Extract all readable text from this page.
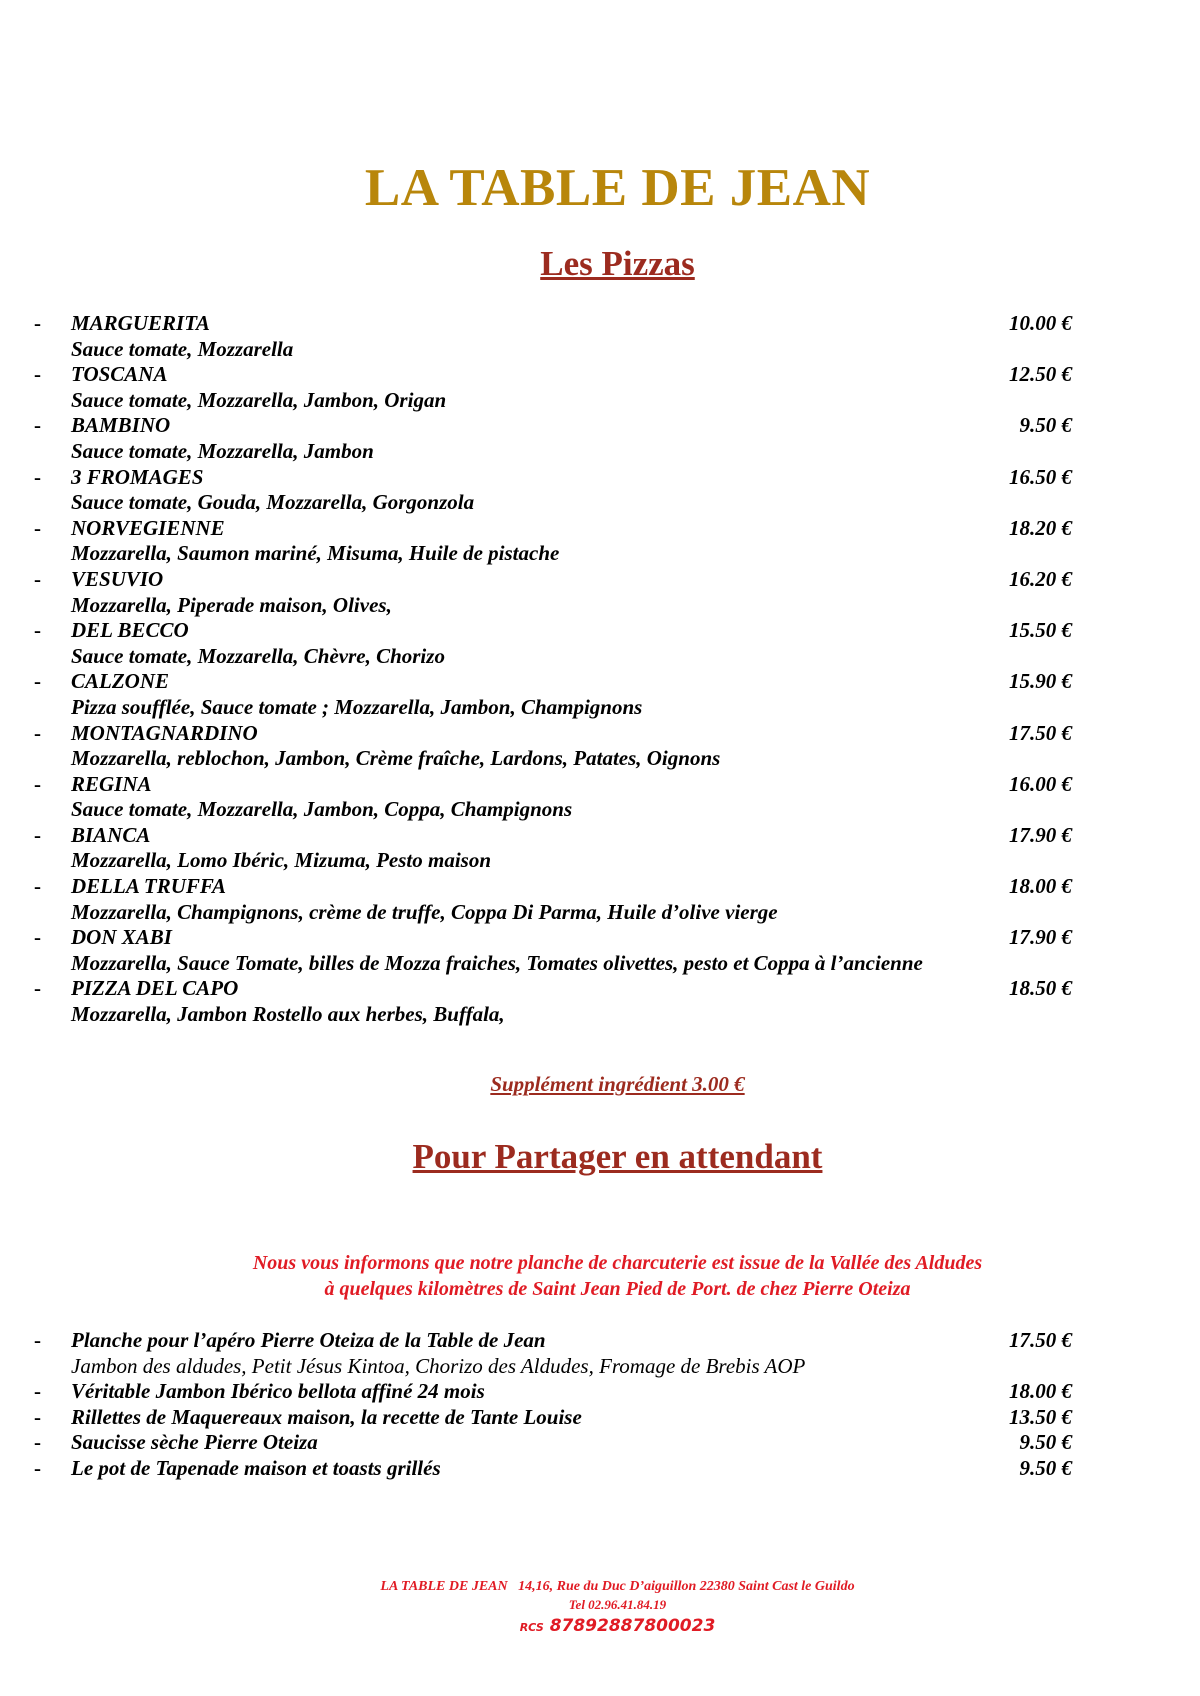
LA TABLE DE JEAN
Les Pizzas
- MARGUERITA	10.00 €
Sauce tomate, Mozzarella
- TOSCANA	12.50 €
Sauce tomate, Mozzarella, Jambon, Origan
- BAMBINO	9.50 €
Sauce tomate, Mozzarella, Jambon
- 3 FROMAGES	16.50 €
Sauce tomate, Gouda, Mozzarella, Gorgonzola
- NORVEGIENNE	18.20 €
Mozzarella, Saumon mariné, Misuma, Huile de pistache
- VESUVIO	16.20 €
Mozzarella, Piperade maison, Olives,
- DEL BECCO	15.50 €
Sauce tomate, Mozzarella, Chèvre, Chorizo
- CALZONE	15.90 €
Pizza soufflée, Sauce tomate ; Mozzarella, Jambon, Champignons
- MONTAGNARDINO	17.50 €
Mozzarella, reblochon, Jambon, Crème fraîche, Lardons, Patates, Oignons
- REGINA	16.00 €
Sauce tomate, Mozzarella, Jambon, Coppa, Champignons
- BIANCA	17.90 €
Mozzarella, Lomo Ibéric, Mizuma, Pesto maison
- DELLA TRUFFA	18.00 €
Mozzarella, Champignons, crème de truffe, Coppa Di Parma, Huile d’olive vierge
- DON XABI	17.90 €
Mozzarella, Sauce Tomate, billes de Mozza fraiches, Tomates olivettes, pesto et Coppa à l’ancienne
- PIZZA DEL CAPO	18.50 €
Mozzarella, Jambon Rostello aux herbes, Buffala,
Supplément ingrédient 3.00 €
Pour Partager en attendant
Nous vous informons que notre planche de charcuterie est issue de la Vallée des Aldudes
à quelques kilomètres de Saint Jean Pied de Port. de chez Pierre Oteiza
- Planche pour l’apéro Pierre Oteiza de la Table de Jean	17.50 €
Jambon des aldudes, Petit Jésus Kintoa, Chorizo des Aldudes, Fromage de Brebis AOP
- Véritable Jambon Ibérico bellota affiné 24 mois	18.00 €
- Rillettes de Maquereaux maison, la recette de Tante Louise	13.50 €
- Saucisse sèche Pierre Oteiza	9.50 €
- Le pot de Tapenade maison et toasts grillés	9.50 €
LA TABLE DE JEAN 14,16, Rue du Duc D’aiguillon 22380 Saint Cast le Guildo
Tel 02.96.41.84.19
RCS 87892887800023
